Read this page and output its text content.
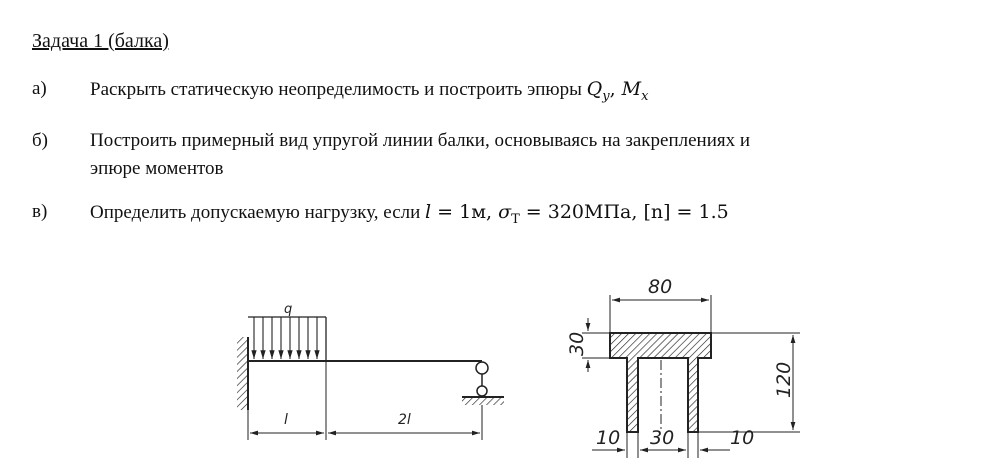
Задача 1 (балка)
а)	Раскрыть статическую неопределимость и построить эпюры $Q_y$, $M_x$
б)	Построить примерный вид упругой линии балки, основываясь на закреплениях и
эпюре моментов
в)	Определить допускаемую нагрузку, если l = 1м, $\sigma_Т = 320МПа$, [n] = 1.5
q
l	2l
80
30
120
10 30	10
